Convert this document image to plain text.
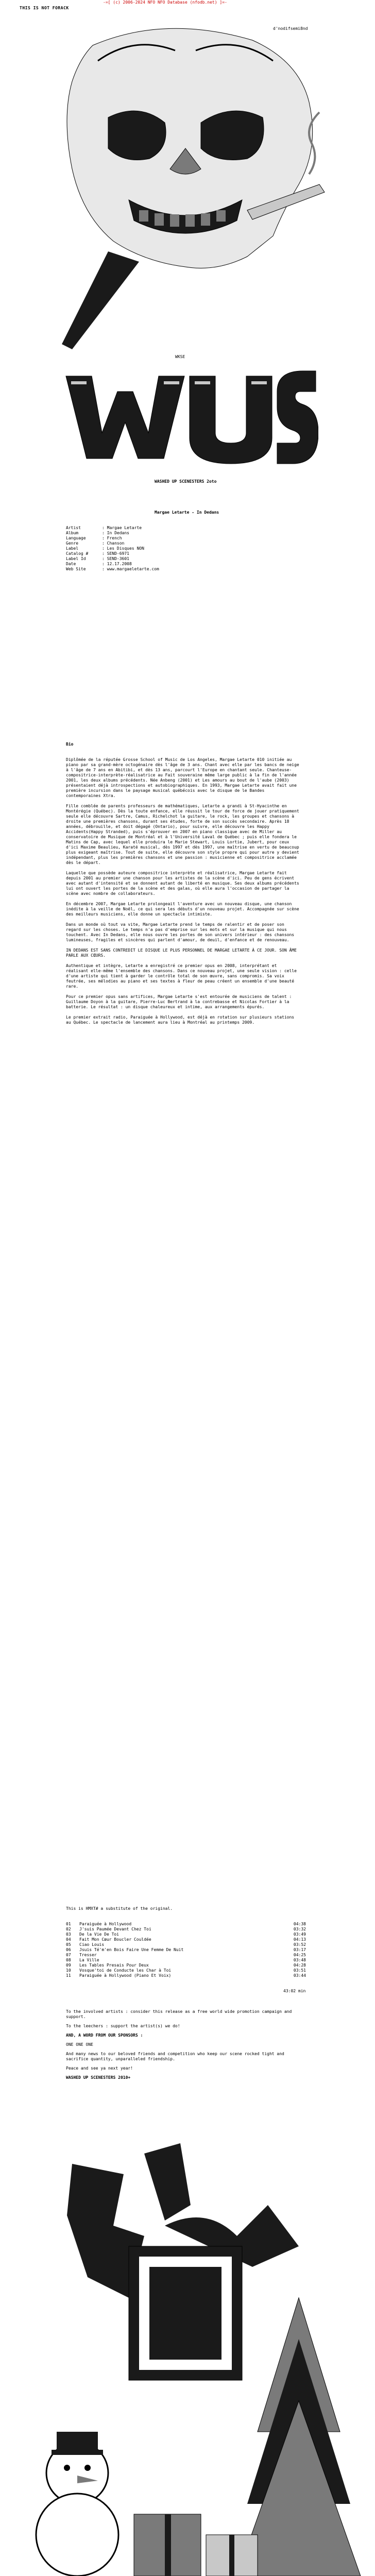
THIS IS NOT FORACK
-=[ (c) 2006-2024 NFO NFO Database (nfodb.net) ]=-
d'nodifsemi8nd
WKSE
WASHED UP SCENESTERS 2oto
Margae Letarte - In Dedans
Artist	: Margae Letarte
Album	: In Dedans
Language	: French
Genre	: Chanson
Label	: Les Disques NON
Catalog #	: SEND-6971
Label Id	: SEND-3601
Date	: 12.17.2008
Web Site	: www.margaeletarte.com
Bio
Diplômée de la réputée Grosse School of Music de Los Angeles, Margae Letarte 010 initiée au piano par sa grand-mère octogénaire dès l'âge de 3 ans. Chant avec elle par les bancs de neige à l'âge de 7 ans en Abitibi, et dès 13 ans, parcourt l'Europe en chantant seule. Chanteuse-compositrice-interprète-réalisatrice au Fait souveraine même large public à la fin de l'année 2001, les deux albums précédents. Née Anbeng (2001) et Les amours au bout de l'aube (2003) présentaient déjà introspections et autobiographiques. En 1993, Margae Letarte avait fait une première incursion dans le paysage musical québécois avec le disque de le Bandes contemporaines Xtra.
Fille comblée de parents professeurs de mathématiques, Letarte a grandi à St-Hyacinthe en Montérégie (Québec). Dès la toute enfance, elle réussit le tour de force de jouer pratiquement seule elle découvre Sartre, Camus, Richelchot la guitare, le rock, les groupes et chansons à droite une premières chansons, durant ses études, forte de son succès secondaire. Après 18 années, débrouille, et doit dégagé (Ontario), pour suivre, elle découvre les Happy Accidents(Happy Stranded), puis s'éprouver en 2007 en piano classique avec de Miller au conservatoire de Musique de Montréal et à l'Université Laval de Québec ; puis elle fondera le Matins de Cap, avec lequel elle produira le Marie Stewart, Louis Lortie, Jubert, pour ceux d'ici Maxime Beaulieu, Karaté musical, dès 1997 et dès 1997, une maîtrise en vertu de beaucoup plus exigeant maîtrise. Tout de suite, elle découvre son style propre qui pour autre y devient indépendant, plus les premières chansons et une passion : musicienne et compositrice acclamée dès le départ.
Laquelle que possède auteure compositrice interprète et réalisatrice, Margae Letarte fait depuis 2001 au premier une chanson pour les artistes de la scène d'ici. Peu de gens écrivent avec autant d'intensité et se donnent autant de liberté en musique. Ses deux albums précédents lui ont ouvert les portes de la scène et des galas, où elle aura l'occasion de partager la scène avec nombre de collaborateurs.
En décembre 2007, Margae Letarte prolongeait l'aventure avec un nouveau disque, une chanson inédite à la veille de Noël, ce qui sera les débuts d'un nouveau projet. Accompagnée sur scène des meilleurs musiciens, elle donne un spectacle intimiste.
Dans un monde où tout va vite, Margae Letarte prend le temps de ralentir et de poser son regard sur les choses. Le temps n'a pas d'emprise sur les mots et sur la musique qui nous touchent. Avec In Dedans, elle nous ouvre les portes de son univers intérieur : des chansons lumineuses, fragiles et sincères qui parlent d'amour, de deuil, d'enfance et de renouveau.
IN DEDANS EST SANS CONTREDIT LE DISQUE LE PLUS PERSONNEL DE MARGAE LETARTE À CE JOUR. SON ÂME PARLE AUX CŒURS.
Authentique et intègre, Letarte a enregistré ce premier opus en 2008, interprétant et réalisant elle-même l'ensemble des chansons. Dans ce nouveau projet, une seule vision : celle d'une artiste qui tient à garder le contrôle total de son œuvre, sans compromis. Sa voix feutrée, ses mélodies au piano et ses textes à fleur de peau créent un ensemble d'une beauté rare.
Pour ce premier opus sans artifices, Margae Letarte s'est entourée de musiciens de talent : Guillaume Doyon à la guitare, Pierre-Luc Bertrand à la contrebasse et Nicolas Fortier à la batterie. Le résultat : un disque chaleureux et intime, aux arrangements épurés.
Le premier extrait radio, Paraiguée à Hollywood, est déjà en rotation sur plusieurs stations au Québec. Le spectacle de lancement aura lieu à Montréal au printemps 2009.
This is HMXT# a substitute of the original.
01	Paraiguée à Hollywood	04:38
02	J'suis Paumée Devant Chez Toi	03:32
03	De la Vie De Toi	03:49
04	Fait Mon Cœur Boucler Couldée	04:13
05	Ciao Louis	03:52
06	Jsuis Té'm'en Bois Faire Une Femme De Nuit	03:17
07	Tresser	04:25
08	La Ville	03:48
09	Les Tables Presais Pour Deux	04:28
10	Vosque'toi de Conducte les Char à Toi	03:51
11	Paraiguée à Hollywood (Piano Et Voix)	03:44
43:02 min
To the involved artists : consider this release as a free world wide promotion campaign and support.
To the leechers : support the artist(s) we do!
AND, A WORD FROM OUR SPONSORS :
ONE ONE ONE
And many news to our beloved friends and competition who keep our scene rocked tight and sacrifice quantity, unparalleled friendship.
Peace and see ya next year!
WASHED UP SCENESTERS 2010+
